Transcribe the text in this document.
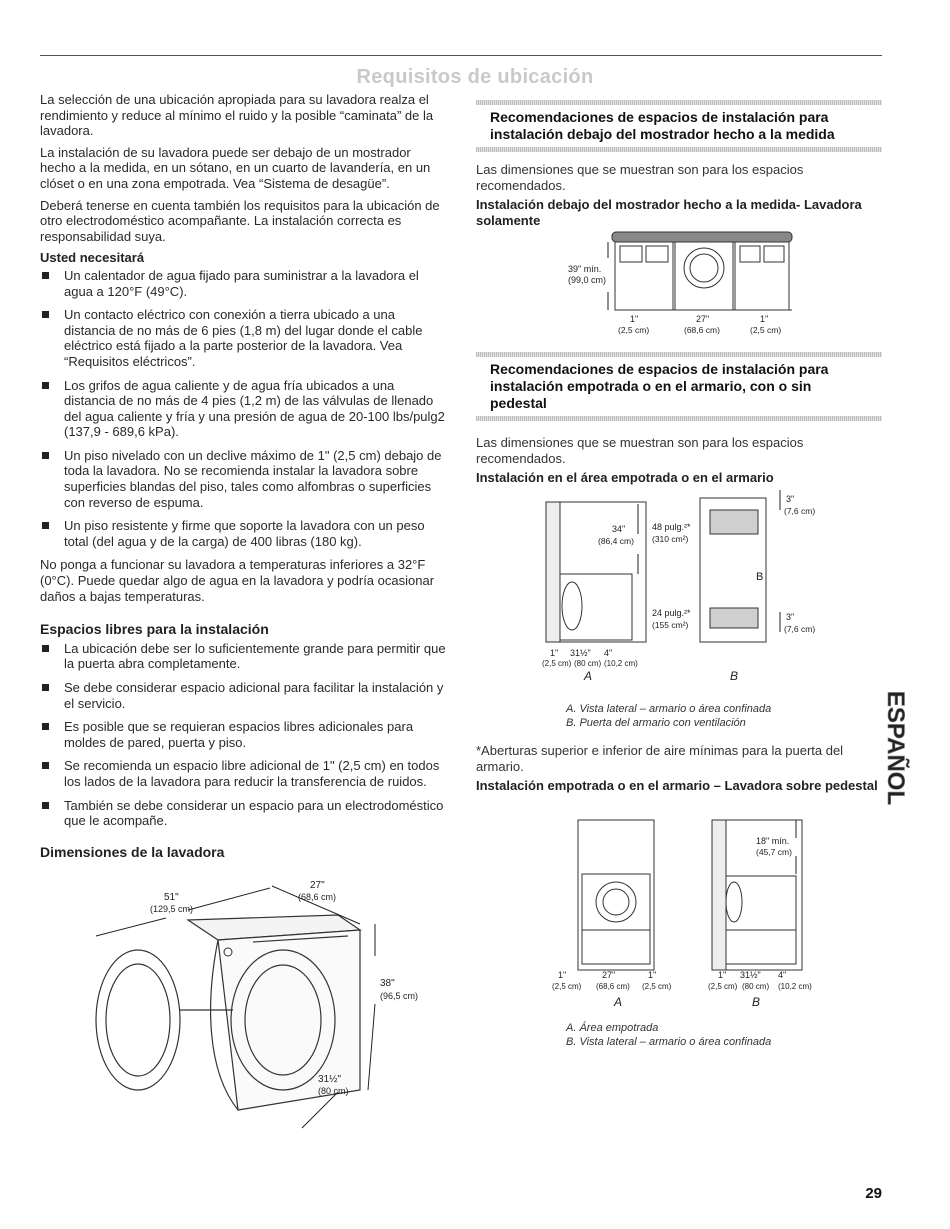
Requisitos de ubicación

La selección de una ubicación apropiada para su lavadora realza el rendimiento y reduce al mínimo el ruido y la posible “caminata” de la lavadora.

La instalación de su lavadora puede ser debajo de un mostrador hecho a la medida, en un sótano, en un cuarto de lavandería, en un clóset o en una zona empotrada. Vea “Sistema de desagüe”.

Deberá tenerse en cuenta también los requisitos para la ubicación de otro electrodoméstico acompañante. La instalación correcta es responsabilidad suya.

Usted necesitará
Un calentador de agua fijado para suministrar a la lavadora el agua a 120°F (49°C).
Un contacto eléctrico con conexión a tierra ubicado a una distancia de no más de 6 pies (1,8 m) del lugar donde el cable eléctrico está fijado a la parte posterior de la lavadora. Vea “Requisitos eléctricos”.
Los grifos de agua caliente y de agua fría ubicados a una distancia de no más de 4 pies (1,2 m) de las válvulas de llenado del agua caliente y fría y una presión de agua de 20-100 lbs/pulg2 (137,9 - 689,6 kPa).
Un piso nivelado con un declive máximo de 1" (2,5 cm) debajo de toda la lavadora. No se recomienda instalar la lavadora sobre superficies blandas del piso, tales como alfombras o superficies con reverso de espuma.
Un piso resistente y firme que soporte la lavadora con un peso total (del agua y de la carga) de 400 libras (180 kg).

No ponga a funcionar su lavadora a temperaturas inferiores a 32°F (0°C). Puede quedar algo de agua en la lavadora y podría ocasionar daños a bajas temperaturas.

Espacios libres para la instalación
La ubicación debe ser lo suficientemente grande para permitir que la puerta abra completamente.
Se debe considerar espacio adicional para facilitar la instalación y el servicio.
Es posible que se requieran espacios libres adicionales para moldes de pared, puerta y piso.
Se recomienda un espacio libre adicional de 1" (2,5 cm) en todos los lados de la lavadora para reducir la transferencia de ruidos.
También se debe considerar un espacio para un electrodoméstico que le acompañe.
Dimensiones de la lavadora
51"
(129,5 cm)
27"
(68,6 cm)
38"
(96,5 cm)
31½"
(80 cm)
Recomendaciones de espacios de instalación para instalación debajo del mostrador hecho a la medida

Las dimensiones que se muestran son para los espacios recomendados.

Instalación debajo del mostrador hecho a la medida- Lavadora solamente

39" mín.
(99,0 cm)
1"
(2,5 cm)
27"
(68,6 cm)
1"
(2,5 cm)
Recomendaciones de espacios de instalación para instalación empotrada o en el armario, con o sin pedestal

Las dimensiones que se muestran son para los espacios recomendados.

Instalación en el área empotrada o en el armario

34"
(86,4 cm)
48 pulg.²*
(310 cm²)
24 pulg.²*
(155 cm²)
3"
(7,6 cm)
3"
(7,6 cm)
B
1" 31½" 4"
(2,5 cm) (80 cm) (10,2 cm)
A	B
A. Vista lateral – armario o área confinada
B. Puerta del armario con ventilación

*Aberturas superior e inferior de aire mínimas para la puerta del armario.

Instalación empotrada o en el armario – Lavadora sobre pedestal

18" mín.
(45,7 cm)
1"	27"	1"
(2,5 cm) (68,6 cm) (2,5 cm)
1" 31½" 4"
(2,5 cm) (80 cm) (10,2 cm)
A	B
A. Área empotrada
B. Vista lateral – armario o área confinada
ESPAÑOL
29
